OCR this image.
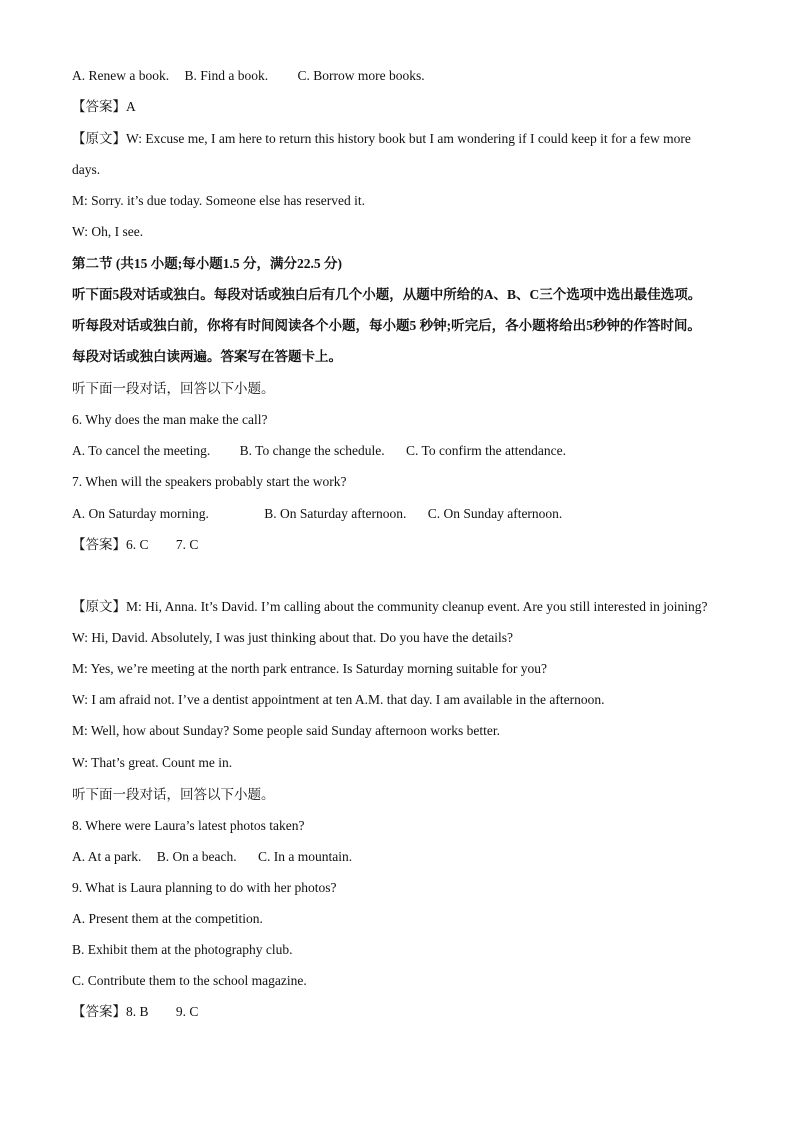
A. Renew a book. B. Find a book. C. Borrow more books.
【答案】A
【原文】W: Excuse me, I am here to return this history book but I am wondering if I could keep it for a few more
days.
M: Sorry. it’s due today. Someone else has reserved it.
W: Oh, I see.
第二节 (共15 小题;每小题1.5 分，满分22.5 分)
听下面5段对话或独白。每段对话或独白后有几个小题，从题中所给的A、B、C三个选项中选出最佳选项。
听每段对话或独白前，你将有时间阅读各个小题，每小题5 秒钟;听完后，各小题将给出5秒钟的作答时间。
每段对话或独白读两遍。答案写在答题卡上。
听下面一段对话，回答以下小题。
6. Why does the man make the call?
A. To cancel the meeting. B. To change the schedule. C. To confirm the attendance.
7. When will the speakers probably start the work?
A. On Saturday morning.	B. On Saturday afternoon. C. On Sunday afternoon.
【答案】6. C 7. C
【原文】M: Hi, Anna. It’s David. I’m calling about the community cleanup event. Are you still interested in joining?
W: Hi, David. Absolutely, I was just thinking about that. Do you have the details?
M: Yes, we’re meeting at the north park entrance. Is Saturday morning suitable for you?
W: I am afraid not. I’ve a dentist appointment at ten A.M. that day. I am available in the afternoon.
M: Well, how about Sunday? Some people said Sunday afternoon works better.
W: That’s great. Count me in.
听下面一段对话，回答以下小题。
8. Where were Laura’s latest photos taken?
A. At a park. B. On a beach. C. In a mountain.
9. What is Laura planning to do with her photos?
A. Present them at the competition.
B. Exhibit them at the photography club.
C. Contribute them to the school magazine.
【答案】8. B 9. C
